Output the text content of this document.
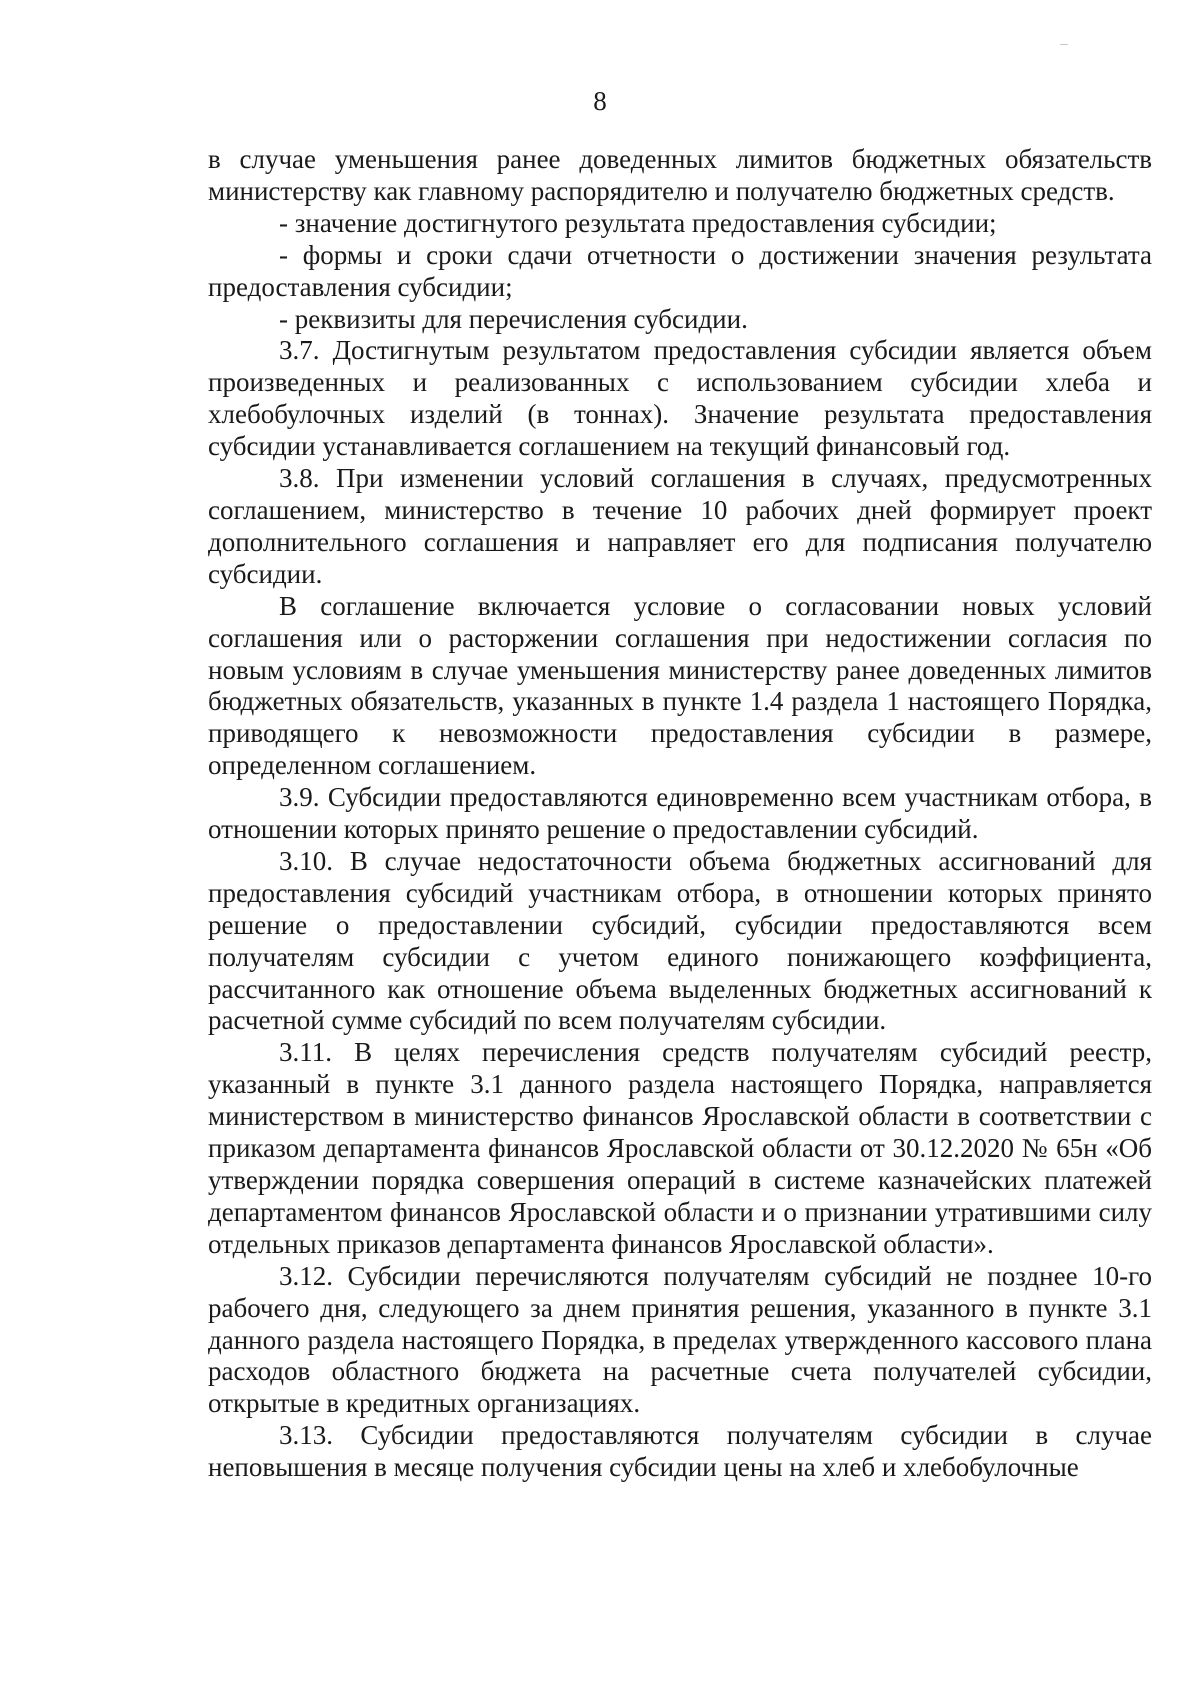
8

в случае уменьшения ранее доведенных лимитов бюджетных обязательств министерству как главному распорядителю и получателю бюджетных средств.

- значение достигнутого результата предоставления субсидии;

- формы и сроки сдачи отчетности о достижении значения результата предоставления субсидии;

- реквизиты для перечисления субсидии.

3.7. Достигнутым результатом предоставления субсидии является объем произведенных и реализованных с использованием субсидии хлеба и хлебобулочных изделий (в тоннах). Значение результата предоставления субсидии устанавливается соглашением на текущий финансовый год.

3.8. При изменении условий соглашения в случаях, предусмотренных соглашением, министерство в течение 10 рабочих дней формирует проект дополнительного соглашения и направляет его для подписания получателю субсидии.

В соглашение включается условие о согласовании новых условий соглашения или о расторжении соглашения при недостижении согласия по новым условиям в случае уменьшения министерству ранее доведенных лимитов бюджетных обязательств, указанных в пункте 1.4 раздела 1 настоящего Порядка, приводящего к невозможности предоставления субсидии в размере, определенном соглашением.

3.9. Субсидии предоставляются единовременно всем участникам отбора, в отношении которых принято решение о предоставлении субсидий.

3.10. В случае недостаточности объема бюджетных ассигнований для предоставления субсидий участникам отбора, в отношении которых принято решение о предоставлении субсидий, субсидии предоставляются всем получателям субсидии с учетом единого понижающего коэффициента, рассчитанного как отношение объема выделенных бюджетных ассигнований к расчетной сумме субсидий по всем получателям субсидии.

3.11. В целях перечисления средств получателям субсидий реестр, указанный в пункте 3.1 данного раздела настоящего Порядка, направляется министерством в министерство финансов Ярославской области в соответствии с приказом департамента финансов Ярославской области от 30.12.2020 № 65н «Об утверждении порядка совершения операций в системе казначейских платежей департаментом финансов Ярославской области и о признании утратившими силу отдельных приказов департамента финансов Ярославской области».

3.12. Субсидии перечисляются получателям субсидий не позднее 10-го рабочего дня, следующего за днем принятия решения, указанного в пункте 3.1 данного раздела настоящего Порядка, в пределах утвержденного кассового плана расходов областного бюджета на расчетные счета получателей субсидии, открытые в кредитных организациях.

3.13. Субсидии предоставляются получателям субсидии в случае неповышения в месяце получения субсидии цены на хлеб и хлебобулочные
